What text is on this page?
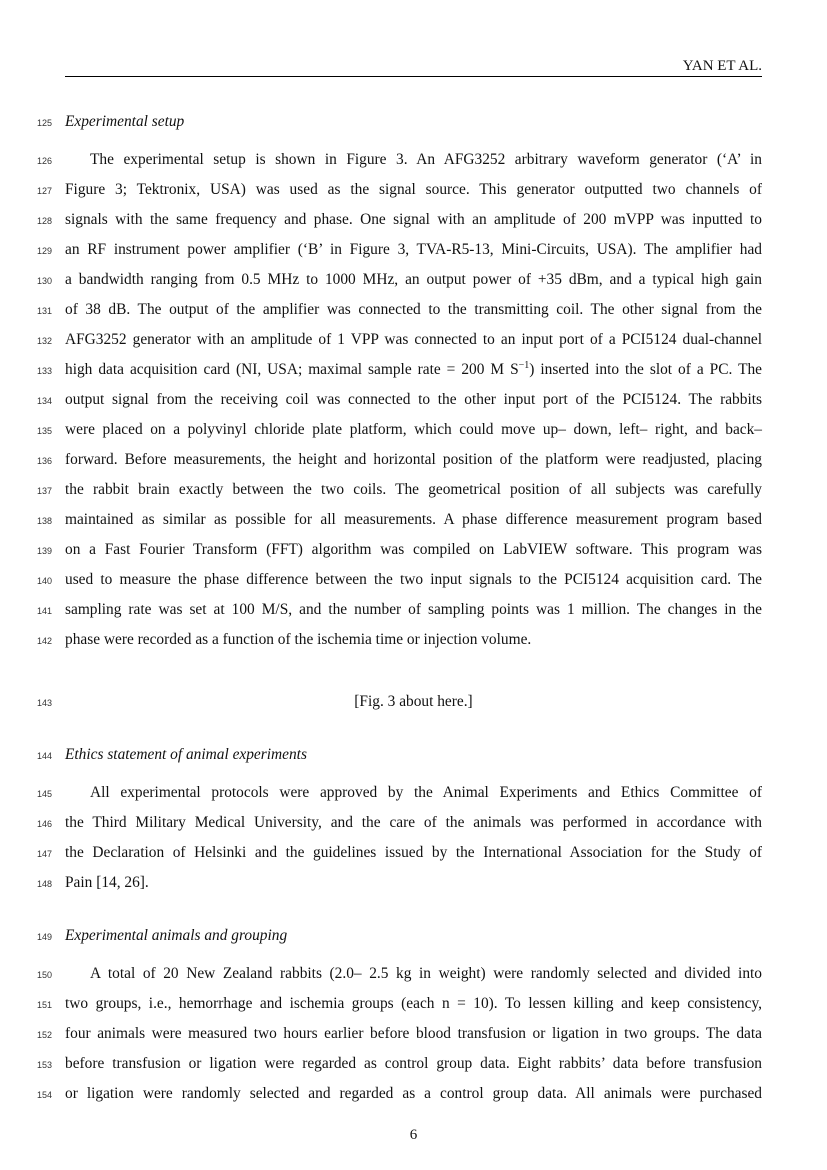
YAN ET AL.
125 Experimental setup
126 The experimental setup is shown in Figure 3. An AFG3252 arbitrary waveform generator (‘A’ in
127 Figure 3; Tektronix, USA) was used as the signal source. This generator outputted two channels of
128 signals with the same frequency and phase. One signal with an amplitude of 200 mVPP was inputted to
129 an RF instrument power amplifier (‘B’ in Figure 3, TVA-R5-13, Mini-Circuits, USA). The amplifier had
130 a bandwidth ranging from 0.5 MHz to 1000 MHz, an output power of +35 dBm, and a typical high gain
131 of 38 dB. The output of the amplifier was connected to the transmitting coil. The other signal from the
132 AFG3252 generator with an amplitude of 1 VPP was connected to an input port of a PCI5124 dual-channel
133 high data acquisition card (NI, USA; maximal sample rate = 200 M $S^{-1}$) inserted into the slot of a PC. The
134 output signal from the receiving coil was connected to the other input port of the PCI5124. The rabbits
135 were placed on a polyvinyl chloride plate platform, which could move up– down, left– right, and back–
136 forward. Before measurements, the height and horizontal position of the platform were readjusted, placing
137 the rabbit brain exactly between the two coils. The geometrical position of all subjects was carefully
138 maintained as similar as possible for all measurements. A phase difference measurement program based
139 on a Fast Fourier Transform (FFT) algorithm was compiled on LabVIEW software. This program was
140 used to measure the phase difference between the two input signals to the PCI5124 acquisition card. The
141 sampling rate was set at 100 M/S, and the number of sampling points was 1 million. The changes in the
142 phase were recorded as a function of the ischemia time or injection volume.
143	[Fig. 3 about here.]
144 Ethics statement of animal experiments
145 All experimental protocols were approved by the Animal Experiments and Ethics Committee of
146 the Third Military Medical University, and the care of the animals was performed in accordance with
147 the Declaration of Helsinki and the guidelines issued by the International Association for the Study of
148 Pain [14, 26].
149 Experimental animals and grouping
150 A total of 20 New Zealand rabbits (2.0– 2.5 kg in weight) were randomly selected and divided into
151 two groups, i.e., hemorrhage and ischemia groups (each n = 10). To lessen killing and keep consistency,
152 four animals were measured two hours earlier before blood transfusion or ligation in two groups. The data
153 before transfusion or ligation were regarded as control group data. Eight rabbits’ data before transfusion
154 or ligation were randomly selected and regarded as a control group data. All animals were purchased
6
